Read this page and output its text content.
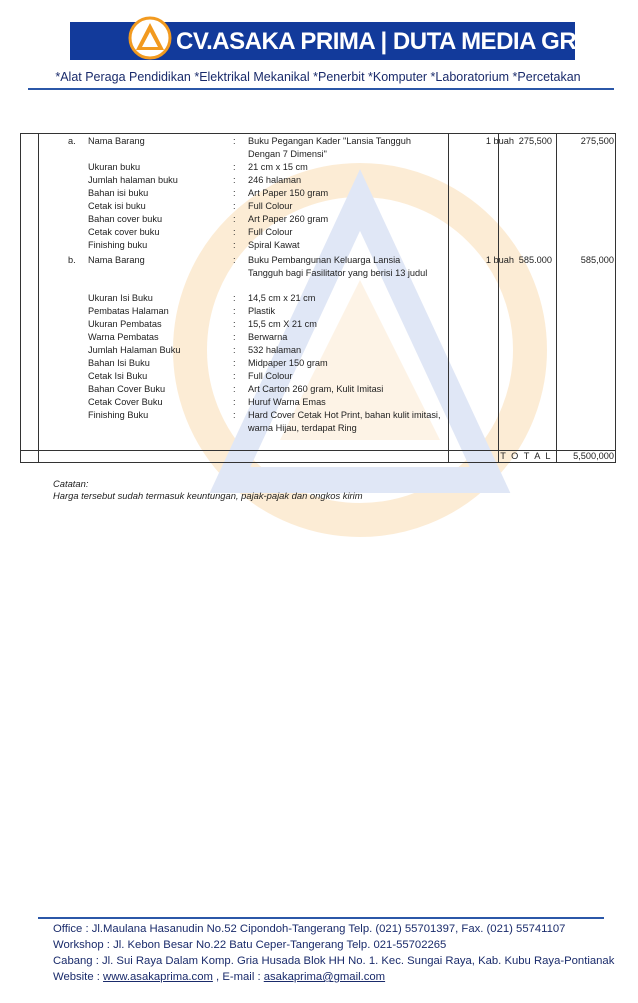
CV.ASAKA PRIMA | DUTA MEDIA GROUP
*Alat Peraga Pendidikan *Elektrikal Mekanikal *Penerbit *Komputer *Laboratorium *Percetakan
a.	Nama Barang	:	Buku Pegangan Kader "Lansia Tangguh	1 buah 275,500	275,500
Dengan 7 Dimensi"
Ukuran buku	:	21 cm x 15 cm
Jumlah halaman buku	:	246 halaman
Bahan isi buku	:	Art Paper 150 gram
Cetak isi buku	:	Full Colour
Bahan cover buku	:	Art Paper 260 gram
Cetak cover buku	:	Full Colour
Finishing buku	:	Spiral Kawat
b.	Nama Barang	:	Buku Pembangunan Keluarga Lansia	1 buah 585.000	585,000
Tangguh bagi Fasilitator yang berisi 13 judul
Ukuran Isi Buku	:	14,5 cm x 21 cm
Pembatas Halaman	:	Plastik
Ukuran Pembatas	:	15,5 cm X 21 cm
Warna Pembatas	:	Berwarna
Jumlah Halaman Buku	:	532 halaman
Bahan Isi Buku	:	Midpaper 150 gram
Cetak Isi Buku	:	Full Colour
Bahan Cover Buku	:	Art Carton 260 gram, Kulit Imitasi
Cetak Cover Buku	:	Huruf Warna Emas
Finishing Buku	:	Hard Cover Cetak Hot Print, bahan kulit imitasi,
warna Hijau, terdapat Ring
T O T A L	5,500,000
Catatan:
Harga tersebut sudah termasuk keuntungan, pajak-pajak dan ongkos kirim
Office : Jl.Maulana Hasanudin No.52 Cipondoh-Tangerang Telp. (021) 55701397, Fax. (021) 55741107
Workshop : Jl. Kebon Besar No.22 Batu Ceper-Tangerang Telp. 021-55702265
Cabang : Jl. Sui Raya Dalam Komp. Gria Husada Blok HH No. 1. Kec. Sungai Raya, Kab. Kubu Raya-Pontianak
Website : www.asakaprima.com , E-mail : asakaprima@gmail.com
